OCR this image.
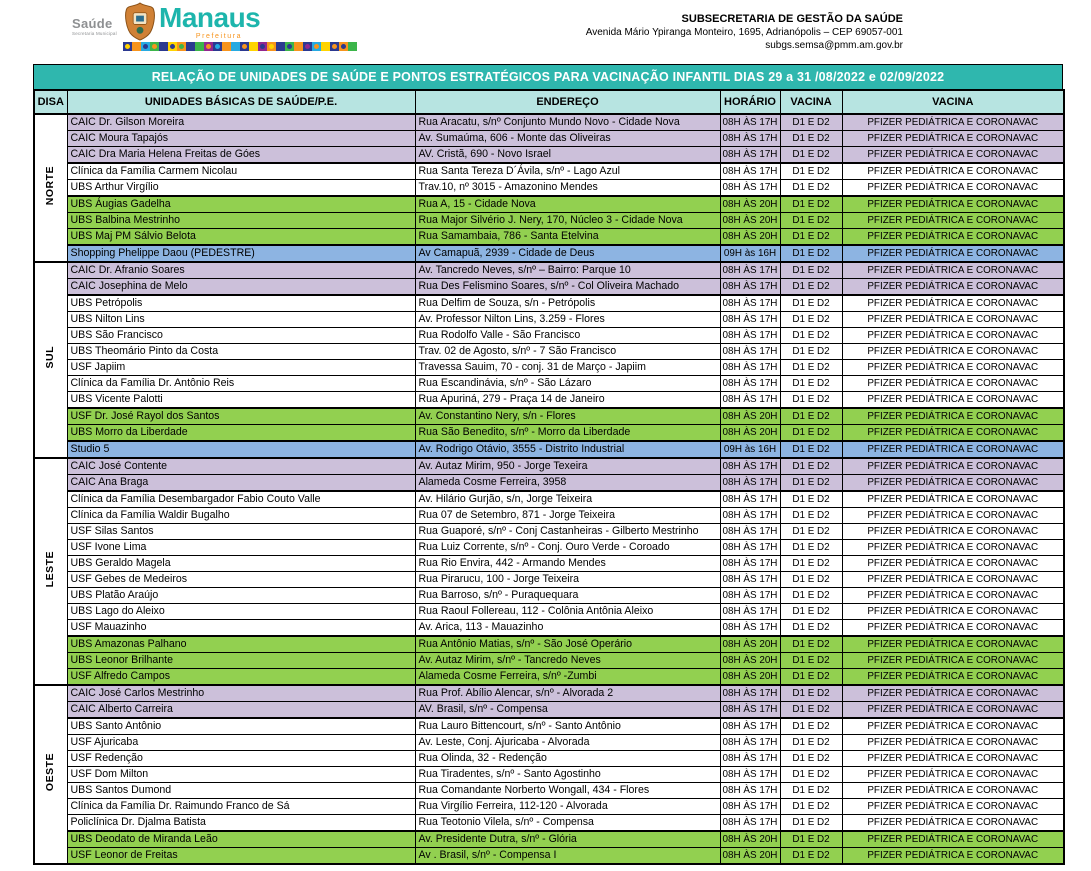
Saúde
Secretaria Municipal
Manaus
Prefeitura
SUBSECRETARIA DE GESTÃO DA SAÚDE
Avenida Mário Ypiranga Monteiro, 1695, Adrianópolis – CEP 69057-001
subgs.semsa@pmm.am.gov.br
RELAÇÃO DE UNIDADES DE SAÚDE E PONTOS ESTRATÉGICOS PARA VACINAÇÃO INFANTIL DIAS 29 a 31 /08/2022 e 02/09/2022
DISA	UNIDADES BÁSICAS DE SAÚDE/P.E.	ENDEREÇO	HORÁRIO	VACINA	VACINA
NORTE	CAIC Dr. Gilson Moreira	Rua Aracatu, s/nº Conjunto Mundo Novo - Cidade Nova	08H ÀS 17H	D1 E D2	PFIZER PEDIÁTRICA E CORONAVAC
	CAIC Moura Tapajós	Av. Sumaúma, 606 - Monte das Oliveiras	08H ÀS 17H	D1 E D2	PFIZER PEDIÁTRICA E CORONAVAC
	CAIC Dra Maria Helena Freitas de Góes	AV. Cristã, 690 - Novo Israel	08H ÀS 17H	D1 E D2	PFIZER PEDIÁTRICA E CORONAVAC
	Clínica da Família Carmem Nicolau	Rua Santa Tereza D´Ávila, s/nº - Lago Azul	08H ÀS 17H	D1 E D2	PFIZER PEDIÁTRICA E CORONAVAC
	UBS Arthur Virgílio	Trav.10, nº 3015 - Amazonino Mendes	08H ÀS 17H	D1 E D2	PFIZER PEDIÁTRICA E CORONAVAC
	UBS Áugias Gadelha	Rua A, 15 - Cidade Nova	08H ÀS 20H	D1 E D2	PFIZER PEDIÁTRICA E CORONAVAC
	UBS Balbina Mestrinho	Rua Major Silvério J. Nery, 170, Núcleo 3 - Cidade Nova	08H ÀS 20H	D1 E D2	PFIZER PEDIÁTRICA E CORONAVAC
	UBS Maj PM Sálvio Belota	Rua Samambaia, 786 - Santa Etelvina	08H ÀS 20H	D1 E D2	PFIZER PEDIÁTRICA E CORONAVAC
	Shopping Phelippe Daou (PEDESTRE)	Av Camapuã, 2939 - Cidade de Deus	09H às 16H	D1 E D2	PFIZER PEDIÁTRICA E CORONAVAC
SUL	CAIC Dr. Afranio Soares	Av. Tancredo Neves, s/nº – Bairro: Parque 10	08H ÀS 17H	D1 E D2	PFIZER PEDIÁTRICA E CORONAVAC
	CAIC Josephina de Melo	Rua Des Felismino Soares, s/nº - Col Oliveira Machado	08H ÀS 17H	D1 E D2	PFIZER PEDIÁTRICA E CORONAVAC
	UBS Petrópolis	Rua Delfim de Souza, s/n - Petrópolis	08H ÀS 17H	D1 E D2	PFIZER PEDIÁTRICA E CORONAVAC
	UBS Nilton Lins	Av. Professor Nilton Lins, 3.259 - Flores	08H ÀS 17H	D1 E D2	PFIZER PEDIÁTRICA E CORONAVAC
	UBS São Francisco	Rua Rodolfo Valle - São Francisco	08H ÀS 17H	D1 E D2	PFIZER PEDIÁTRICA E CORONAVAC
	UBS Theomário Pinto da Costa	Trav. 02 de Agosto, s/nº - 7 São Francisco	08H ÀS 17H	D1 E D2	PFIZER PEDIÁTRICA E CORONAVAC
	USF Japiim	Travessa Sauim, 70 - conj. 31 de Março - Japiim	08H ÀS 17H	D1 E D2	PFIZER PEDIÁTRICA E CORONAVAC
	Clínica da Família Dr. Antônio Reis	Rua Escandinávia, s/nº - São Lázaro	08H ÀS 17H	D1 E D2	PFIZER PEDIÁTRICA E CORONAVAC
	UBS Vicente Palotti	Rua Apuriná, 279 - Praça 14 de Janeiro	08H ÀS 17H	D1 E D2	PFIZER PEDIÁTRICA E CORONAVAC
	USF Dr. José Rayol dos Santos	Av. Constantino Nery, s/n - Flores	08H ÀS 20H	D1 E D2	PFIZER PEDIÁTRICA E CORONAVAC
	UBS Morro da Liberdade	Rua São Benedito, s/nº - Morro da Liberdade	08H ÀS 20H	D1 E D2	PFIZER PEDIÁTRICA E CORONAVAC
	Studio 5	Av. Rodrigo Otávio, 3555 - Distrito Industrial	09H às 16H	D1 E D2	PFIZER PEDIÁTRICA E CORONAVAC
LESTE	CAIC José Contente	Av. Autaz Mirim, 950 - Jorge Texeira	08H ÀS 17H	D1 E D2	PFIZER PEDIÁTRICA E CORONAVAC
	CAIC Ana Braga	Alameda Cosme Ferreira, 3958	08H ÀS 17H	D1 E D2	PFIZER PEDIÁTRICA E CORONAVAC
	Clínica da Família Desembargador Fabio Couto Valle	Av. Hilário Gurjão, s/n, Jorge Teixeira	08H ÀS 17H	D1 E D2	PFIZER PEDIÁTRICA E CORONAVAC
	Clínica da Família Waldir Bugalho	Rua 07 de Setembro, 871 - Jorge Teixeira	08H ÀS 17H	D1 E D2	PFIZER PEDIÁTRICA E CORONAVAC
	USF Silas Santos	Rua Guaporé, s/nº - Conj Castanheiras - Gilberto Mestrinho	08H ÀS 17H	D1 E D2	PFIZER PEDIÁTRICA E CORONAVAC
	USF Ivone Lima	Rua Luiz Corrente, s/nº - Conj. Ouro Verde - Coroado	08H ÀS 17H	D1 E D2	PFIZER PEDIÁTRICA E CORONAVAC
	UBS Geraldo Magela	Rua Rio Envira, 442 - Armando Mendes	08H ÀS 17H	D1 E D2	PFIZER PEDIÁTRICA E CORONAVAC
	USF Gebes de Medeiros	Rua Pirarucu, 100 - Jorge Teixeira	08H ÀS 17H	D1 E D2	PFIZER PEDIÁTRICA E CORONAVAC
	UBS Platão Araújo	Rua Barroso, s/nº - Puraquequara	08H ÀS 17H	D1 E D2	PFIZER PEDIÁTRICA E CORONAVAC
	UBS Lago do Aleixo	Rua Raoul Follereau, 112 - Colônia Antônia Aleixo	08H ÀS 17H	D1 E D2	PFIZER PEDIÁTRICA E CORONAVAC
	USF Mauazinho	Av. Arica, 113 - Mauazinho	08H ÀS 17H	D1 E D2	PFIZER PEDIÁTRICA E CORONAVAC
	UBS Amazonas Palhano	Rua Antônio Matias, s/nº - São José Operário	08H ÀS 20H	D1 E D2	PFIZER PEDIÁTRICA E CORONAVAC
	UBS Leonor Brilhante	Av. Autaz Mirim, s/nº - Tancredo Neves	08H ÀS 20H	D1 E D2	PFIZER PEDIÁTRICA E CORONAVAC
	USF Alfredo Campos	Alameda Cosme Ferreira, s/nº -Zumbi	08H ÀS 20H	D1 E D2	PFIZER PEDIÁTRICA E CORONAVAC
OESTE	CAIC José Carlos Mestrinho	Rua Prof. Abílio Alencar, s/nº - Alvorada 2	08H ÀS 17H	D1 E D2	PFIZER PEDIÁTRICA E CORONAVAC
	CAIC Alberto Carreira	AV. Brasil, s/nº - Compensa	08H ÀS 17H	D1 E D2	PFIZER PEDIÁTRICA E CORONAVAC
	UBS Santo Antônio	Rua Lauro Bittencourt, s/nº - Santo Antônio	08H ÀS 17H	D1 E D2	PFIZER PEDIÁTRICA E CORONAVAC
	USF Ajuricaba	Av. Leste, Conj. Ajuricaba - Alvorada	08H ÀS 17H	D1 E D2	PFIZER PEDIÁTRICA E CORONAVAC
	USF Redenção	Rua Olinda, 32 - Redenção	08H ÀS 17H	D1 E D2	PFIZER PEDIÁTRICA E CORONAVAC
	USF Dom Milton	Rua Tiradentes, s/nº - Santo Agostinho	08H ÀS 17H	D1 E D2	PFIZER PEDIÁTRICA E CORONAVAC
	UBS Santos Dumond	Rua Comandante Norberto Wongall, 434 - Flores	08H ÀS 17H	D1 E D2	PFIZER PEDIÁTRICA E CORONAVAC
	Clínica da Família Dr. Raimundo Franco de Sá	Rua Virgílio Ferreira, 112-120 - Alvorada	08H ÀS 17H	D1 E D2	PFIZER PEDIÁTRICA E CORONAVAC
	Policlínica Dr. Djalma Batista	Rua Teotonio Vilela, s/nº - Compensa	08H ÀS 17H	D1 E D2	PFIZER PEDIÁTRICA E CORONAVAC
	UBS Deodato de Miranda Leão	Av. Presidente Dutra, s/nº - Glória	08H ÀS 20H	D1 E D2	PFIZER PEDIÁTRICA E CORONAVAC
	USF Leonor de Freitas	Av . Brasil, s/nº - Compensa I	08H ÀS 20H	D1 E D2	PFIZER PEDIÁTRICA E CORONAVAC
